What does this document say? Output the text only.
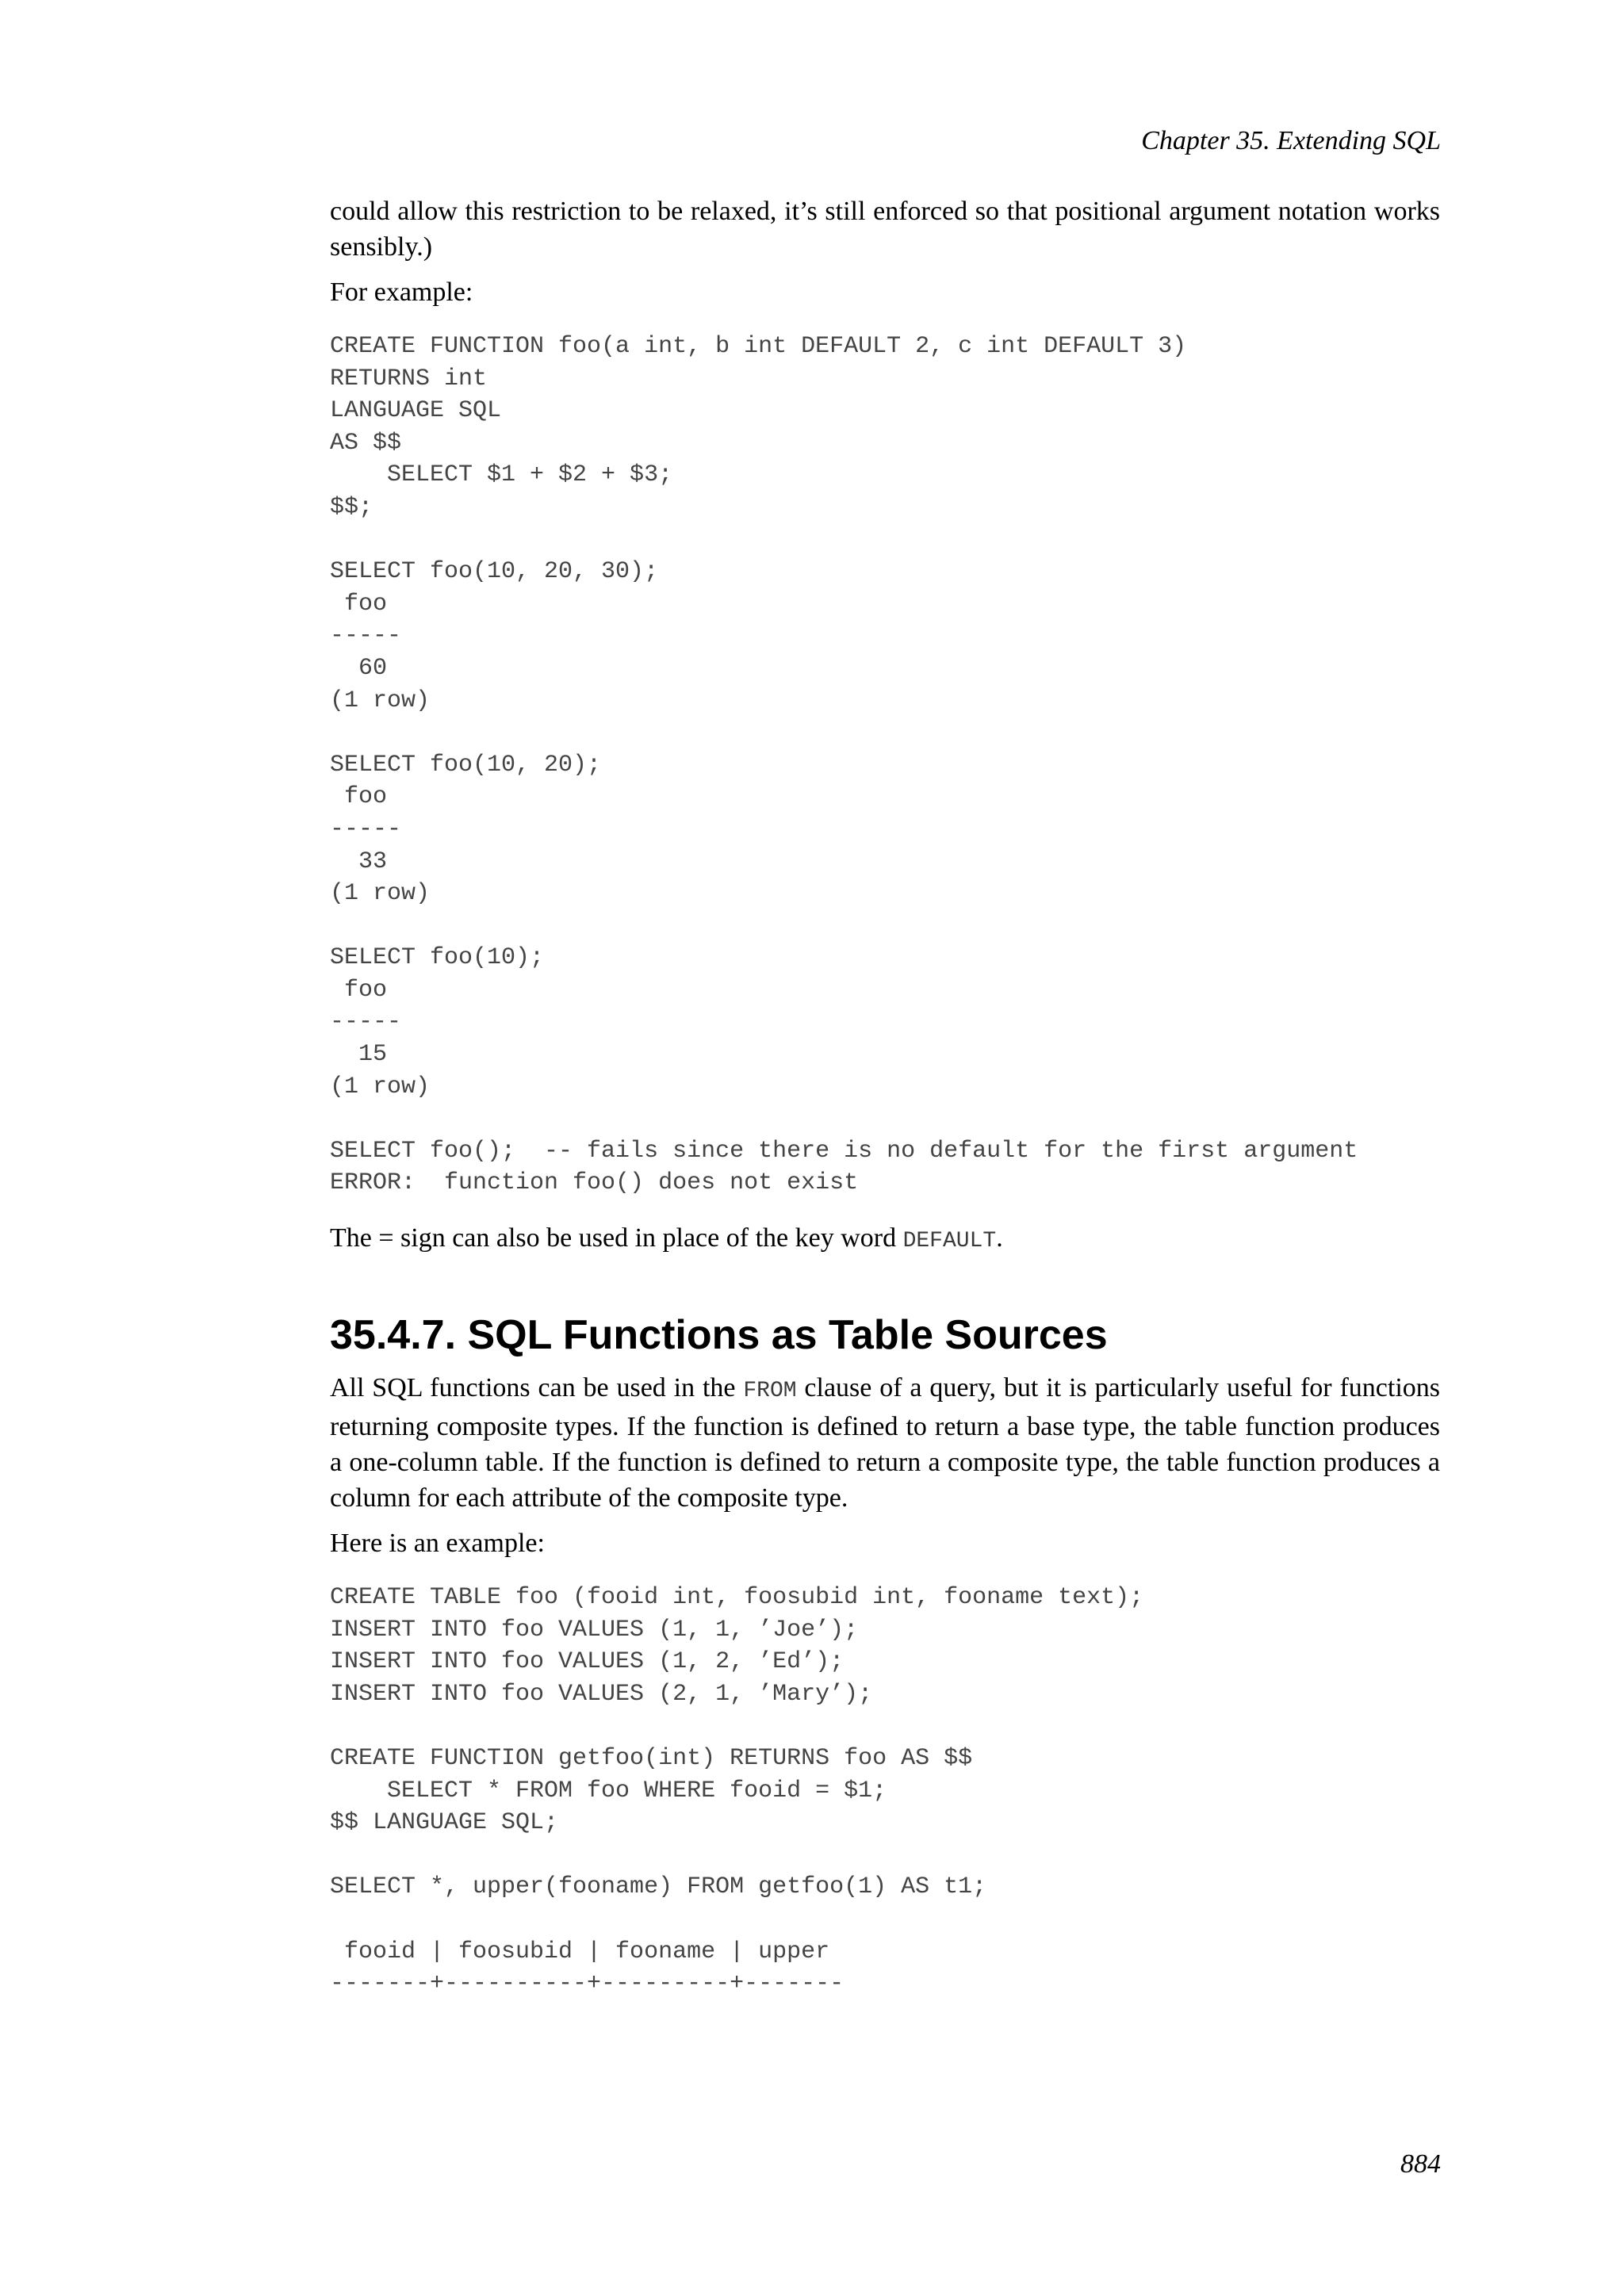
Chapter 35. Extending SQL

could allow this restriction to be relaxed, it’s still enforced so that positional argument notation works sensibly.)

For example:

CREATE FUNCTION foo(a int, b int DEFAULT 2, c int DEFAULT 3)
RETURNS int
LANGUAGE SQL
AS $$
SELECT $1 + $2 + $3;
$$;

SELECT foo(10, 20, 30);
foo
-----
60
(1 row)

SELECT foo(10, 20);
foo
-----
33
(1 row)

SELECT foo(10);
foo
-----
15
(1 row)

SELECT foo();  -- fails since there is no default for the first argument
ERROR:  function foo() does not exist

The = sign can also be used in place of the key word DEFAULT.

35.4.7. SQL Functions as Table Sources

All SQL functions can be used in the FROM clause of a query, but it is particularly useful for functions returning composite types. If the function is defined to return a base type, the table function produces a one-column table. If the function is defined to return a composite type, the table function produces a column for each attribute of the composite type.

Here is an example:

CREATE TABLE foo (fooid int, foosubid int, fooname text);
INSERT INTO foo VALUES (1, 1, ’Joe’);
INSERT INTO foo VALUES (1, 2, ’Ed’);
INSERT INTO foo VALUES (2, 1, ’Mary’);

CREATE FUNCTION getfoo(int) RETURNS foo AS $$
SELECT * FROM foo WHERE fooid = $1;
$$ LANGUAGE SQL;

SELECT *, upper(fooname) FROM getfoo(1) AS t1;

fooid | foosubid | fooname | upper
-------+----------+---------+-------
884
